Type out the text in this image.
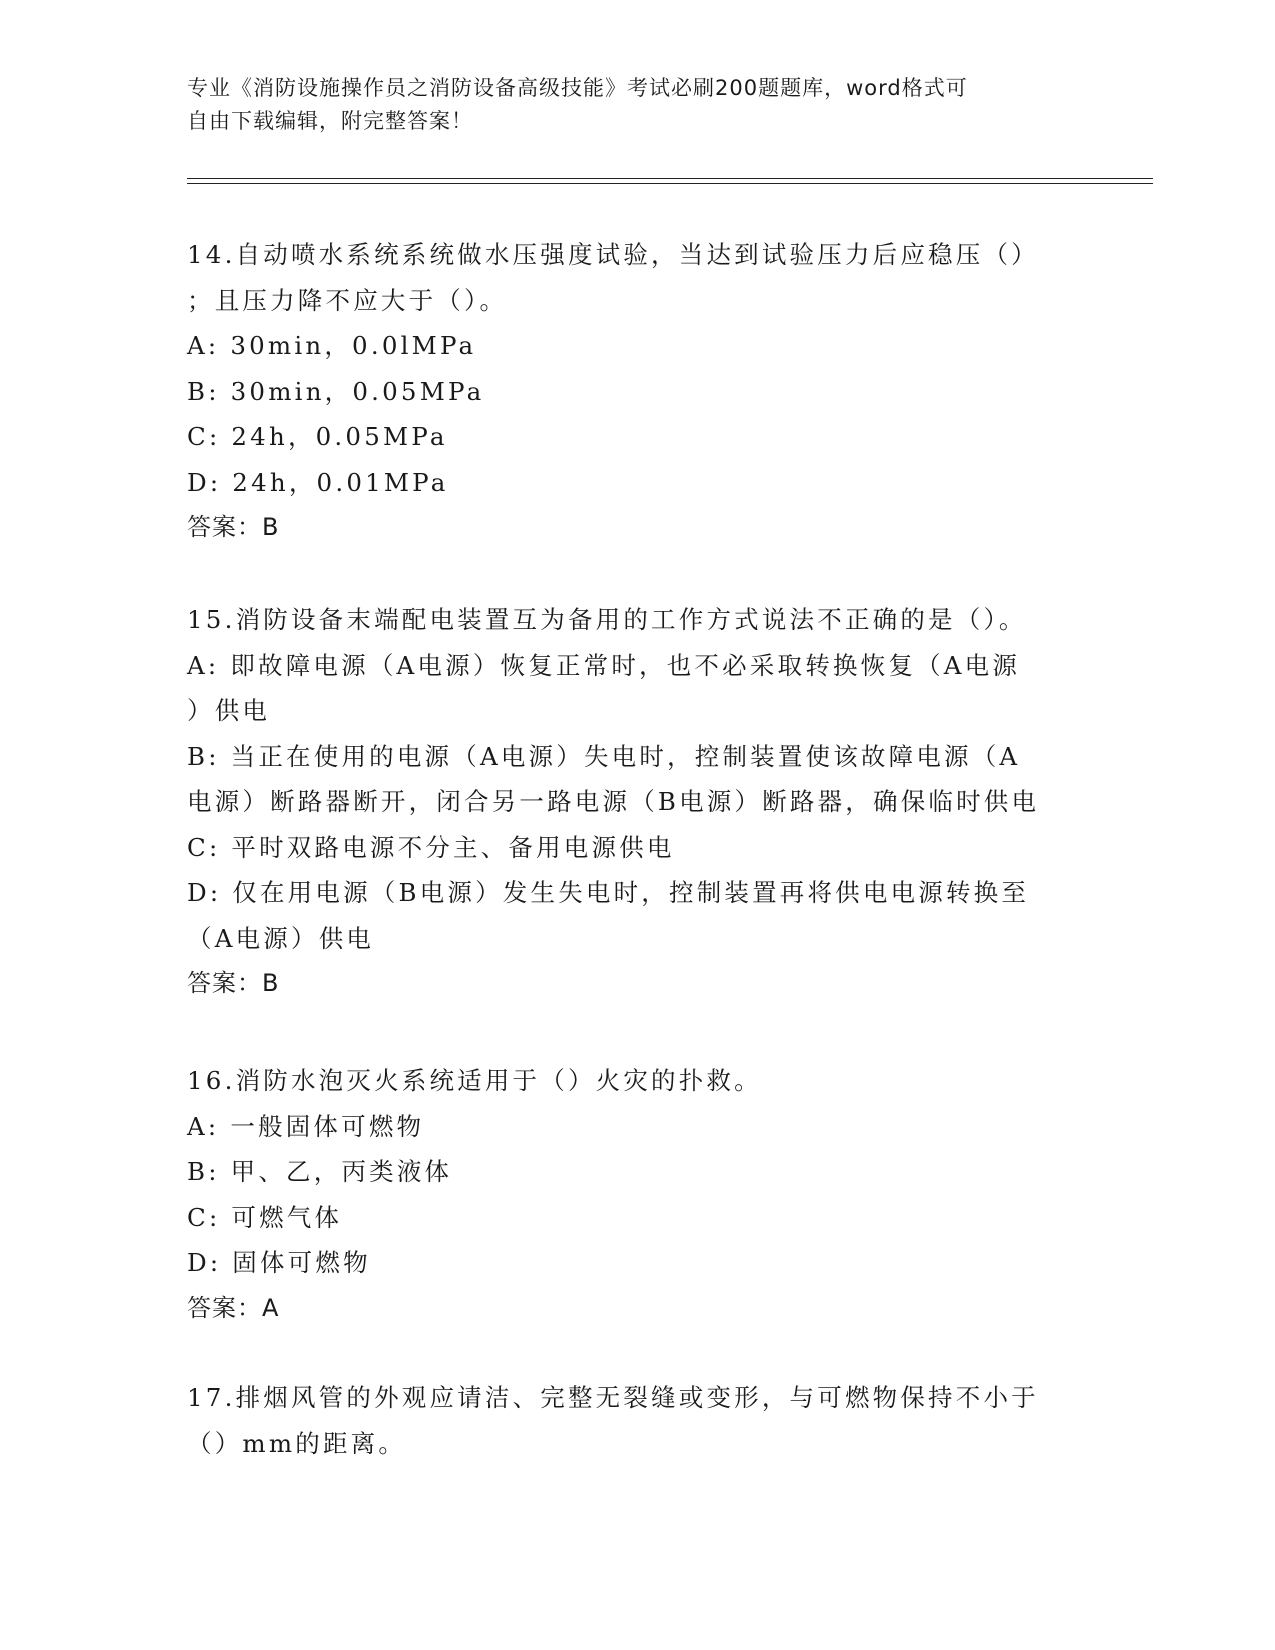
专业《消防设施操作员之消防设备高级技能》考试必刷200题题库，word格式可
自由下载编辑，附完整答案！
14.自动喷水系统系统做水压强度试验，当达到试验压力后应稳压（）
；且压力降不应大于（）。
A: 30min，0.0lMPa
B: 30min，0.05MPa
C: 24h，0.05MPa
D: 24h，0.01MPa
答案：B
15.消防设备末端配电装置互为备用的工作方式说法不正确的是（）。
A: 即故障电源（A电源）恢复正常时，也不必采取转换恢复（A电源
）供电
B: 当正在使用的电源（A电源）失电时，控制装置使该故障电源（A
电源）断路器断开，闭合另一路电源（B电源）断路器，确保临时供电
C: 平时双路电源不分主、备用电源供电
D: 仅在用电源（B电源）发生失电时，控制装置再将供电电源转换至
（A电源）供电
答案：B
16.消防水泡灭火系统适用于（）火灾的扑救。
A: 一般固体可燃物
B: 甲、乙，丙类液体
C: 可燃气体
D: 固体可燃物
答案：A
17.排烟风管的外观应请洁、完整无裂缝或变形，与可燃物保持不小于
（）mm的距离。
